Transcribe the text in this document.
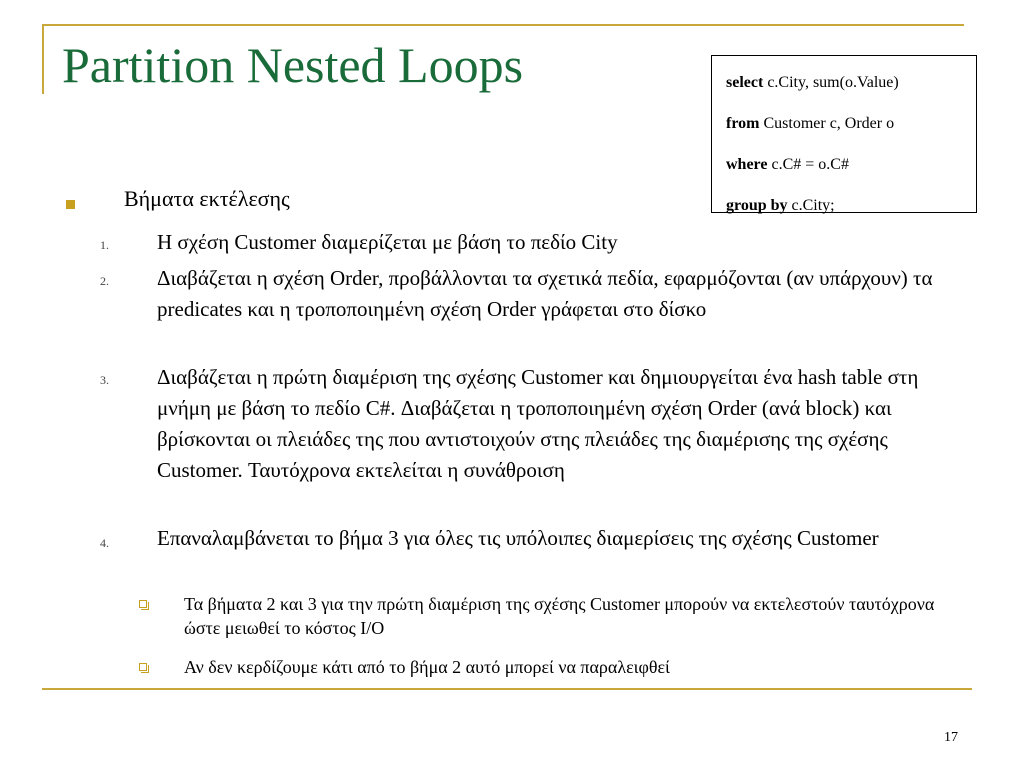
Partition Nested Loops	select c.City, sum(o.Value)
from Customer c, Order o
where c.C# = o.C#
group by c.City;
Βήματα εκτέλεσης
1. Η σχέση Customer διαμερίζεται με βάση το πεδίο City
2. Διαβάζεται η σχέση Order, προβάλλονται τα σχετικά πεδία, εφαρμόζονται (αν υπάρχουν) τα predicates και η τροποποιημένη σχέση Order γράφεται στο δίσκο
3. Διαβάζεται η πρώτη διαμέριση της σχέσης Customer και δημιουργείται ένα hash table στη μνήμη με βάση το πεδίο C#. Διαβάζεται η τροποποιημένη σχέση Order (ανά block) και βρίσκονται οι πλειάδες της που αντιστοιχούν στης πλειάδες της διαμέρισης της σχέσης Customer. Ταυτόχρονα εκτελείται η συνάθροιση
4. Επαναλαμβάνεται το βήμα 3 για όλες τις υπόλοιπες διαμερίσεις της σχέσης Customer
Τα βήματα 2 και 3 για την πρώτη διαμέριση της σχέσης Customer μπορούν να εκτελεστούν ταυτόχρονα ώστε μειωθεί το κόστος I/O
Αν δεν κερδίζουμε κάτι από το βήμα 2 αυτό μπορεί να παραλειφθεί
17
